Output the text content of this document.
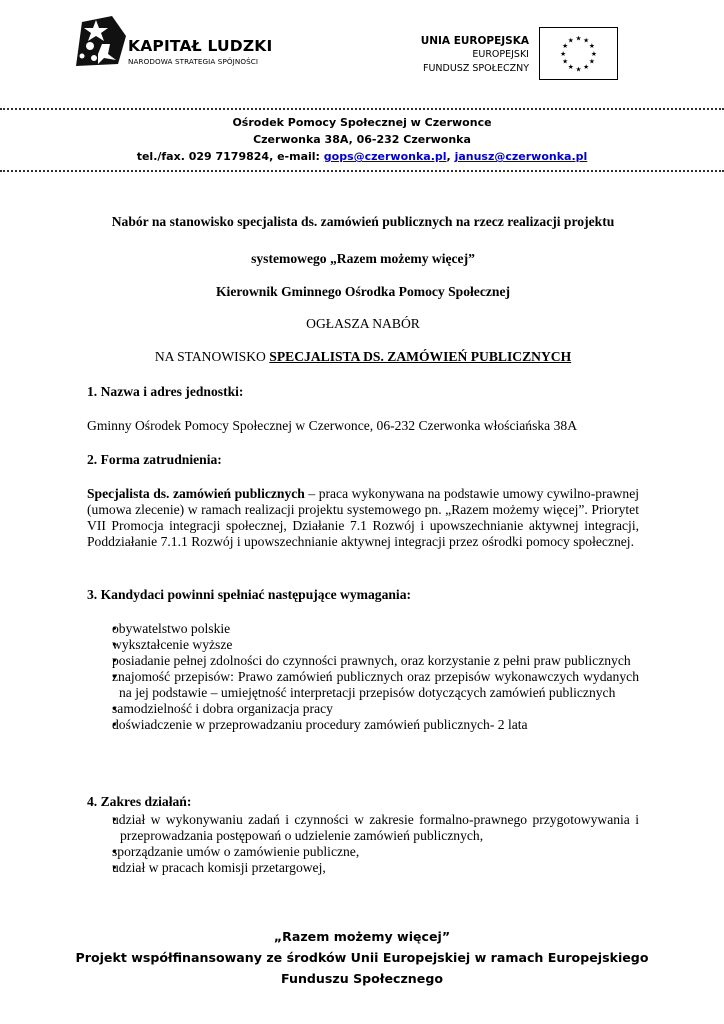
KAPITAŁ LUDZKI
NARODOWA STRATEGIA SPÓJNOŚCI
UNIA EUROPEJSKA
EUROPEJSKI
FUNDUSZ SPOŁECZNY
★ ★
★
★
★
★
★
★
★
★
★
★
Ośrodek Pomocy Społecznej w Czerwonce
Czerwonka 38A, 06-232 Czerwonka
tel./fax. 029 7179824, e-mail: gops@czerwonka.pl, janusz@czerwonka.pl
Nabór na stanowisko specjalista ds. zamówień publicznych na rzecz realizacji projektu
systemowego „Razem możemy więcej”
Kierownik Gminnego Ośrodka Pomocy Społecznej
OGŁASZA NABÓR
NA STANOWISKO SPECJALISTA DS. ZAMÓWIEŃ PUBLICZNYCH
1. Nazwa i adres jednostki:
Gminny Ośrodek Pomocy Społecznej w Czerwonce, 06-232 Czerwonka włościańska 38A
2. Forma zatrudnienia:
Specjalista ds. zamówień publicznych – praca wykonywana na podstawie umowy cywilno-prawnej (umowa zlecenie) w ramach realizacji projektu systemowego pn. „Razem możemy więcej”. Priorytet VII Promocja integracji społecznej, Działanie 7.1 Rozwój i upowszechnianie aktywnej integracji, Poddziałanie 7.1.1 Rozwój i upowszechnianie aktywnej integracji przez ośrodki pomocy społecznej.
3. Kandydaci powinni spełniać następujące wymagania:
• obywatelstwo polskie
• wykształcenie wyższe
• posiadanie pełnej zdolności do czynności prawnych, oraz korzystanie z pełni praw publicznych
• znajomość przepisów: Prawo zamówień publicznych oraz przepisów wykonawczych wydanych na jej podstawie – umiejętność interpretacji przepisów dotyczących zamówień publicznych
• samodzielność i dobra organizacja pracy
• doświadczenie w przeprowadzaniu procedury zamówień publicznych- 2 lata
4. Zakres działań:
• udział w wykonywaniu zadań i czynności w zakresie formalno-prawnego przygotowywania i przeprowadzania postępowań o udzielenie zamówień publicznych,
• sporządzanie umów o zamówienie publiczne,
• udział w pracach komisji przetargowej,
„Razem możemy więcej”
Projekt współfinansowany ze środków Unii Europejskiej w ramach Europejskiego
Funduszu Społecznego
